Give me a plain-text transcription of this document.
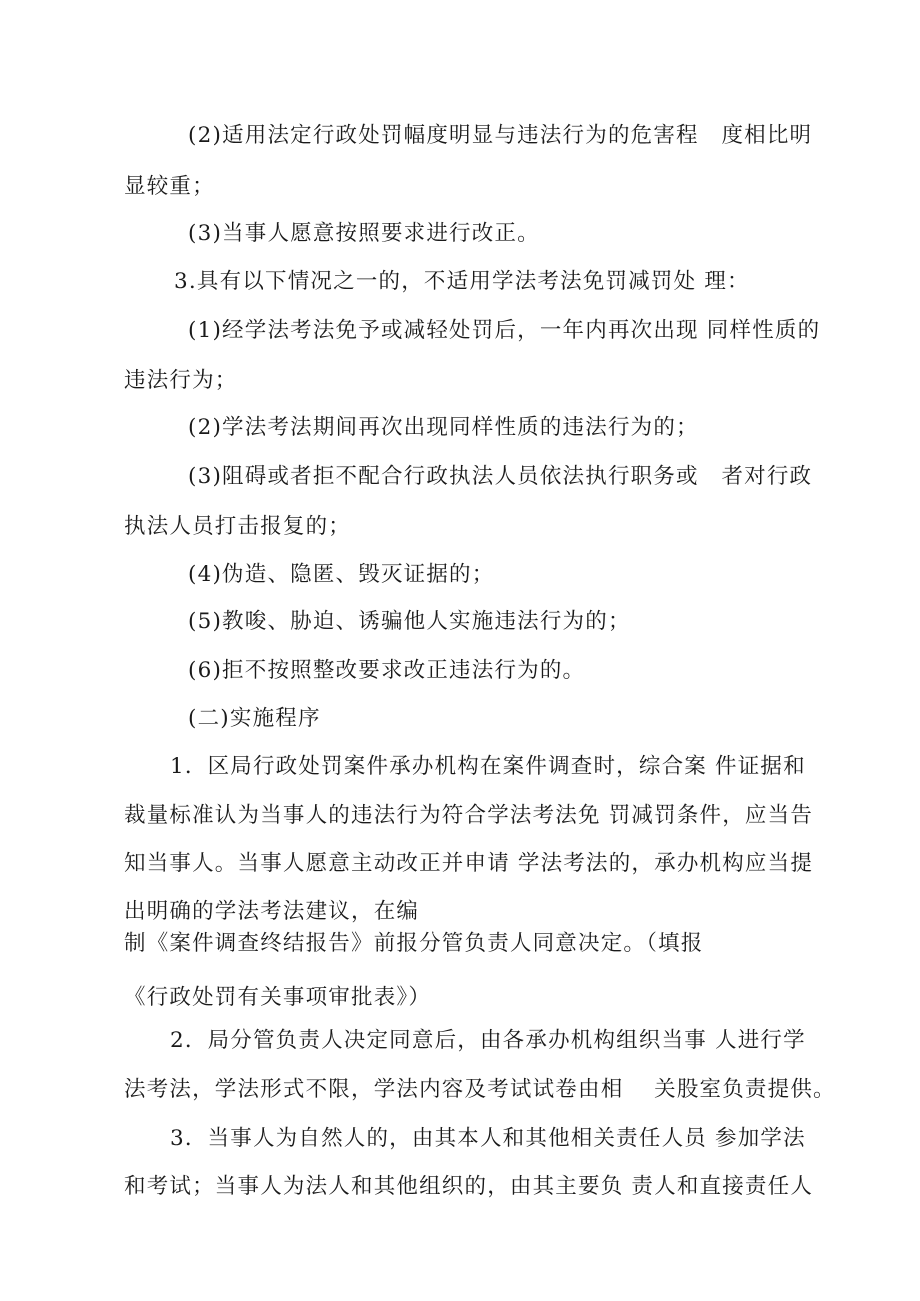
(2)适用法定行政处罚幅度明显与违法行为的危害程　度相比明
显较重；
(3)当事人愿意按照要求进行改正。
3.具有以下情况之一的，不适用学法考法免罚减罚处 理：
(1)经学法考法免予或减轻处罚后，一年内再次出现 同样性质的
违法行为；
(2)学法考法期间再次出现同样性质的违法行为的；
(3)阻碍或者拒不配合行政执法人员依法执行职务或　者对行政
执法人员打击报复的；
(4)伪造、隐匿、毁灭证据的；
(5)教唆、胁迫、诱骗他人实施违法行为的；
(6)拒不按照整改要求改正违法行为的。
(二)实施程序
1．区局行政处罚案件承办机构在案件调查时，综合案 件证据和
裁量标准认为当事人的违法行为符合学法考法免 罚减罚条件，应当告
知当事人。当事人愿意主动改正并申请 学法考法的，承办机构应当提
出明确的学法考法建议，在编
制《案件调查终结报告》前报分管负责人同意决定。（填报
《行政处罚有关事项审批表》）
2．局分管负责人决定同意后，由各承办机构组织当事 人进行学
法考法，学法形式不限，学法内容及考试试卷由相　 关股室负责提供。
3．当事人为自然人的，由其本人和其他相关责任人员 参加学法
和考试；当事人为法人和其他组织的，由其主要负 责人和直接责任人
